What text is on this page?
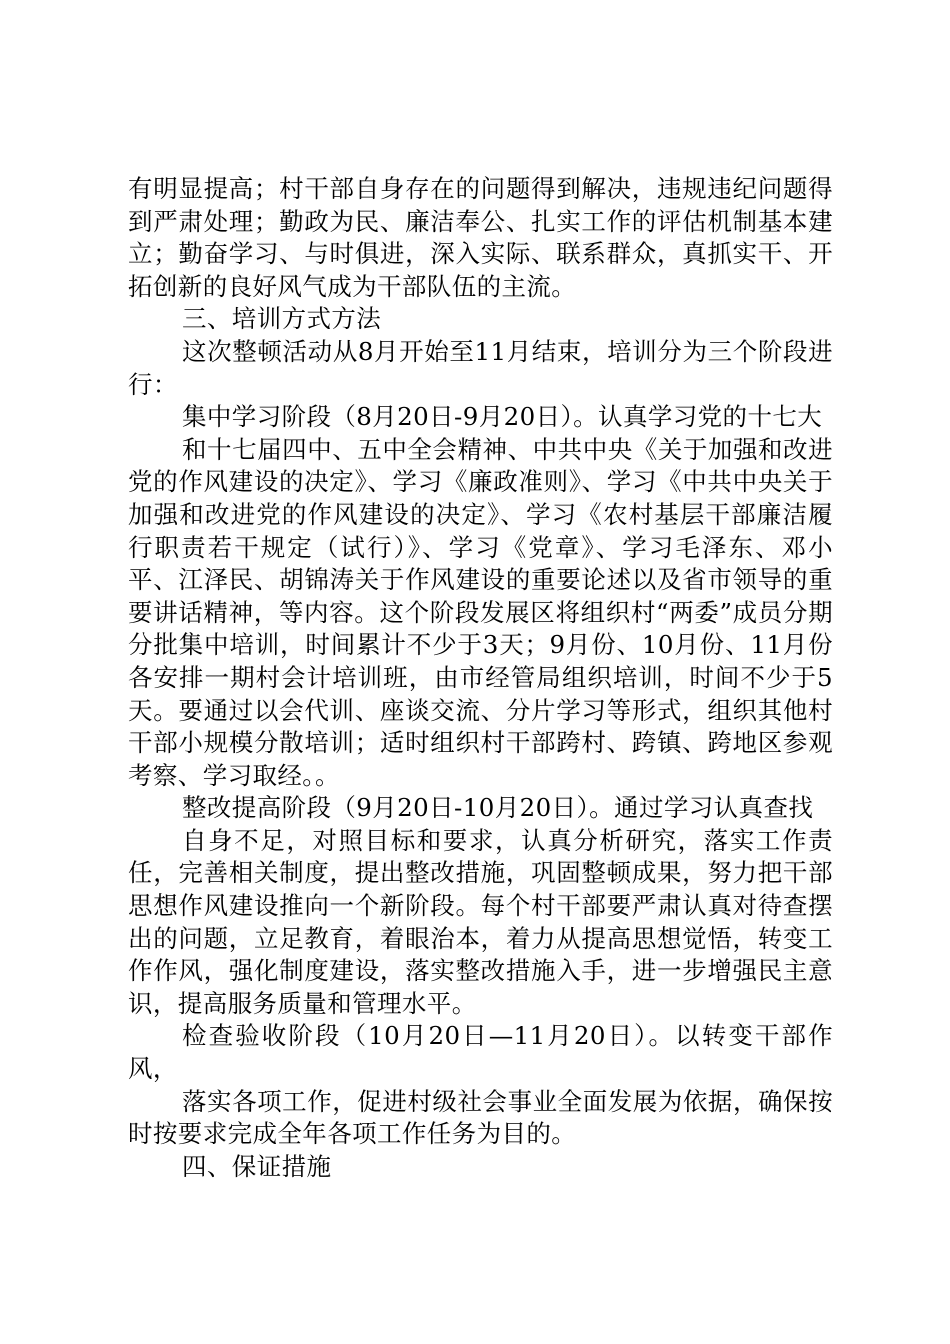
有明显提高；村干部自身存在的问题得到解决，违规违纪问题得到严肃处理；勤政为民、廉洁奉公、扎实工作的评估机制基本建立；勤奋学习、与时俱进，深入实际、联系群众，真抓实干、开拓创新的良好风气成为干部队伍的主流。

三、培训方式方法

这次整顿活动从8月开始至11月结束，培训分为三个阶段进行：

集中学习阶段（8月20日-9月20日）。认真学习党的十七大

和十七届四中、五中全会精神、中共中央《关于加强和改进党的作风建设的决定》、学习《廉政准则》、学习《中共中央关于加强和改进党的作风建设的决定》、学习《农村基层干部廉洁履行职责若干规定（试行）》、学习《党章》、学习毛泽东、邓小平、江泽民、胡锦涛关于作风建设的重要论述以及省市领导的重要讲话精神，等内容。这个阶段发展区将组织村“两委”成员分期分批集中培训，时间累计不少于3天；9月份、10月份、11月份各安排一期村会计培训班，由市经管局组织培训，时间不少于5天。要通过以会代训、座谈交流、分片学习等形式，组织其他村干部小规模分散培训；适时组织村干部跨村、跨镇、跨地区参观考察、学习取经。。

整改提高阶段（9月20日-10月20日）。通过学习认真查找

自身不足，对照目标和要求，认真分析研究，落实工作责任，完善相关制度，提出整改措施，巩固整顿成果，努力把干部思想作风建设推向一个新阶段。每个村干部要严肃认真对待查摆出的问题，立足教育，着眼治本，着力从提高思想觉悟，转变工作作风，强化制度建设，落实整改措施入手，进一步增强民主意识，提高服务质量和管理水平。

检查验收阶段（10月20日—11月20日）。以转变干部作风，

落实各项工作，促进村级社会事业全面发展为依据，确保按时按要求完成全年各项工作任务为目的。

四、保证措施
